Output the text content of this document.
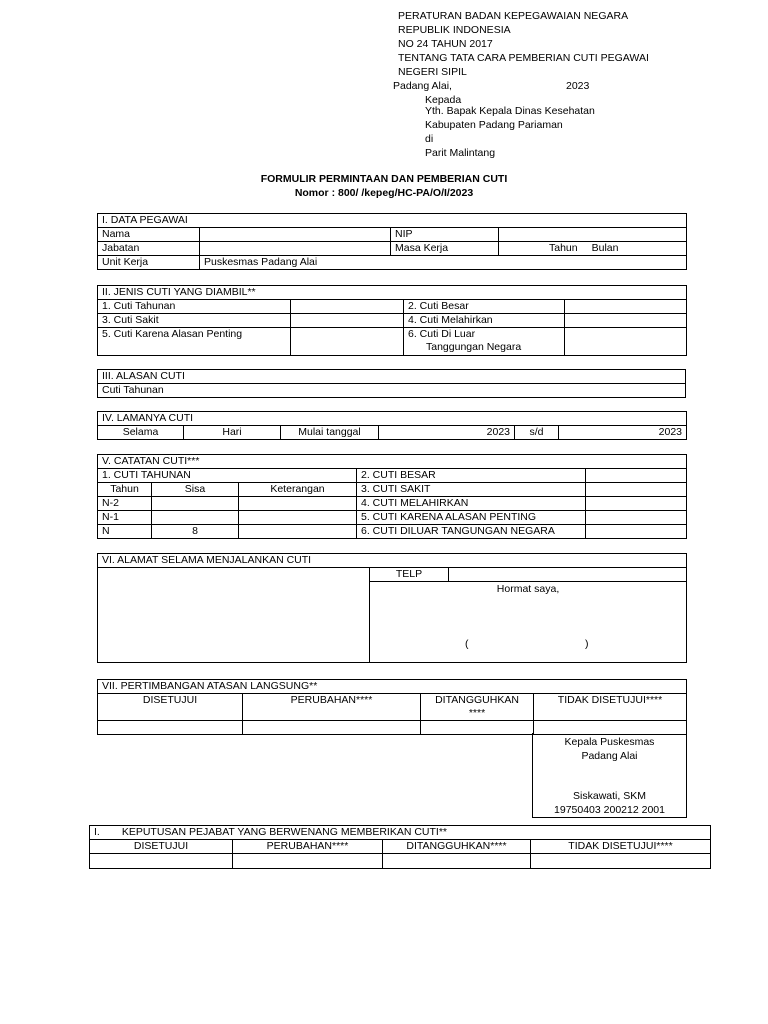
PERATURAN BADAN KEPEGAWAIAN NEGARA
REPUBLIK INDONESIA
NO 24 TAHUN 2017
TENTANG TATA CARA PEMBERIAN CUTI PEGAWAI
NEGERI SIPIL
Padang Alai,	2023
Kepada
Yth. Bapak Kepala Dinas Kesehatan
Kabupaten Padang Pariaman
di
Parit Malintang
FORMULIR PERMINTAAN DAN PEMBERIAN CUTI
Nomor : 800/ /kepeg/HC-PA/O/I/2023
I. DATA PEGAWAI			
Nama		NIP	
Jabatan		Masa Kerja	Tahun Bulan
Unit Kerja	Puskesmas Padang Alai		
II. JENIS CUTI YANG DIAMBIL**			
1. Cuti Tahunan		2. Cuti Besar	
3. Cuti Sakit		4. Cuti Melahirkan	
5. Cuti Karena Alasan Penting		6. Cuti Di Luar
Tanggungan Negara	

III. ALASAN CUTI
Cuti Tahunan
IV. LAMANYA CUTI
Selama	Hari	Mulai tanggal	2023	s/d	2023
V. CATATAN CUTI***				
1. CUTI TAHUNAN			2. CUTI BESAR	
Tahun	Sisa	Keterangan	3. CUTI SAKIT	
N-2			4. CUTI MELAHIRKAN	
N-1			5. CUTI KARENA ALASAN PENTING	
N	8		6. CUTI DILUAR TANGUNGAN NEGARA	
VI. ALAMAT SELAMA MENJALANKAN CUTI
	TELP	

Hormat saya,
(	)
VII. PERTIMBANGAN ATASAN LANGSUNG**			
DISETUJUI	PERUBAHAN****	DITANGGUHKAN
****	TIDAK DISETUJUI****

Kepala Puskesmas
Padang Alai
Siskawati, SKM
19750403 200212 2001
I. KEPUTUSAN PEJABAT YANG BERWENANG MEMBERIKAN CUTI**			
DISETUJUI	PERUBAHAN****	DITANGGUHKAN****	TIDAK DISETUJUI****
